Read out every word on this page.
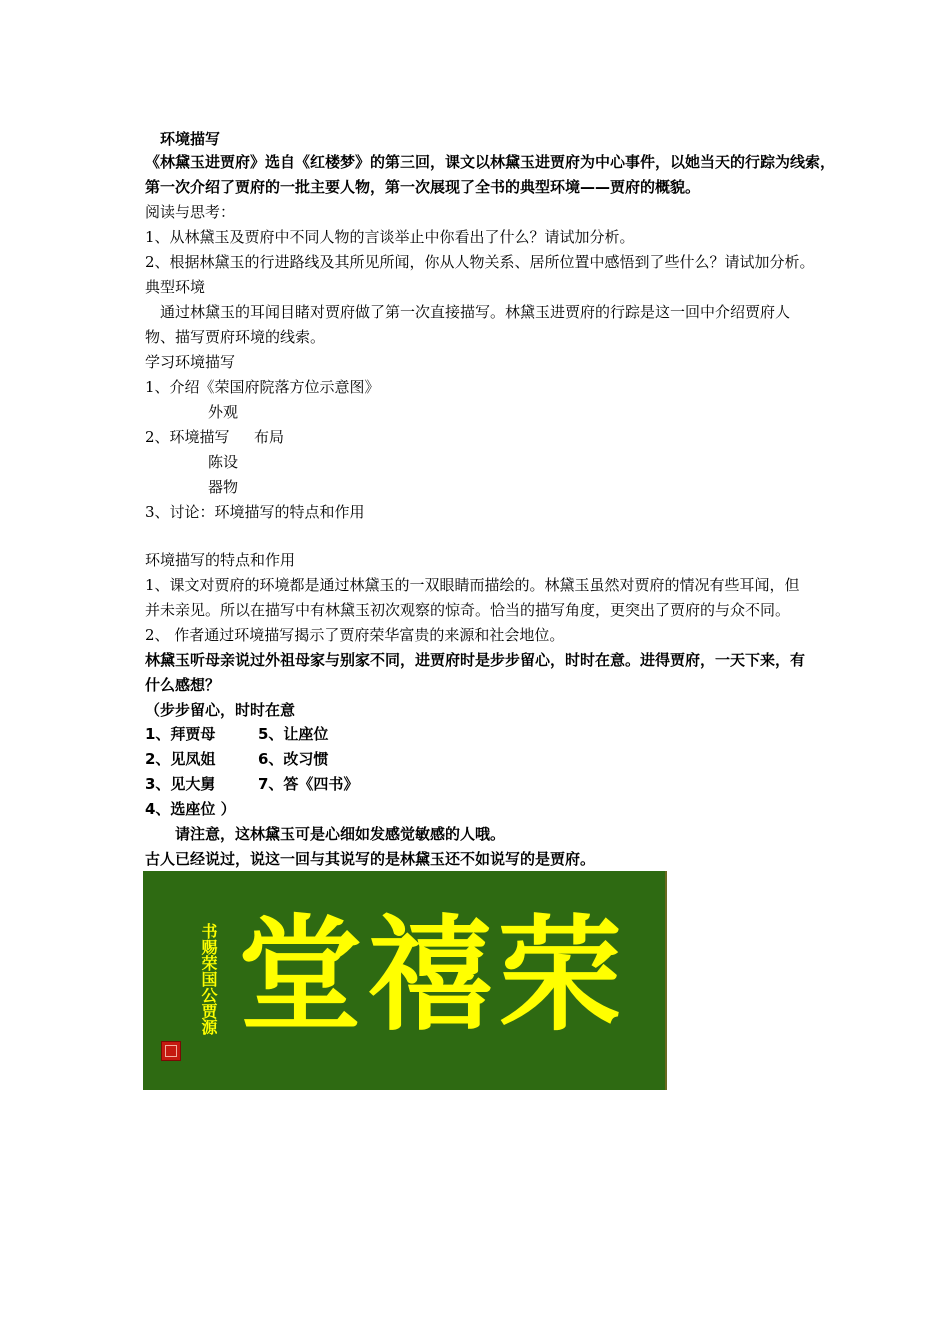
环境描写
《林黛玉进贾府》选自《红楼梦》的第三回，课文以林黛玉进贾府为中心事件，以她当天的行踪为线索，
第一次介绍了贾府的一批主要人物，第一次展现了全书的典型环境——贾府的概貌。
阅读与思考：
1、从林黛玉及贾府中不同人物的言谈举止中你看出了什么？请试加分析。
2、根据林黛玉的行进路线及其所见所闻，你从人物关系、居所位置中感悟到了些什么？请试加分析。
典型环境
　通过林黛玉的耳闻目睹对贾府做了第一次直接描写。林黛玉进贾府的行踪是这一回中介绍贾府人
物、描写贾府环境的线索。
学习环境描写
1、介绍《荣国府院落方位示意图》
外观
2、环境描写 布局
陈设
器物
3、讨论：环境描写的特点和作用
环境描写的特点和作用
1、课文对贾府的环境都是通过林黛玉的一双眼睛而描绘的。林黛玉虽然对贾府的情况有些耳闻，但
并未亲见。所以在描写中有林黛玉初次观察的惊奇。恰当的描写角度，更突出了贾府的与众不同。
2、 作者通过环境描写揭示了贾府荣华富贵的来源和社会地位。
林黛玉听母亲说过外祖母家与别家不同，进贾府时是步步留心，时时在意。进得贾府，一天下来，有
什么感想？
（步步留心，时时在意
1、拜贾母	5、让座位
2、见凤姐	6、改习惯
3、见大舅	7、答《四书》
4、选座位 ）
　　请注意，这林黛玉可是心细如发感觉敏感的人哦。
古人已经说过，说这一回与其说写的是林黛玉还不如说写的是贾府。
书赐荣国公贾源 堂 禧 荣
